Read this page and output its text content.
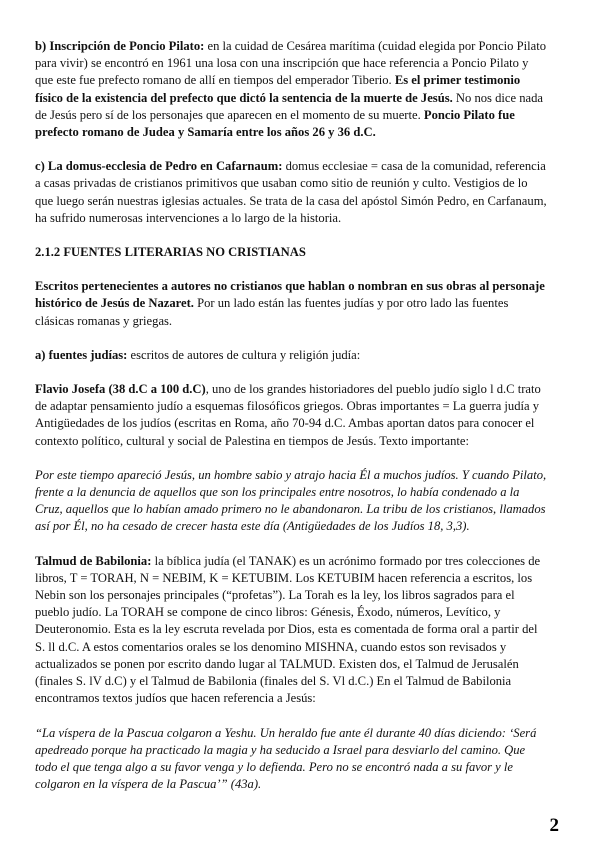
b) Inscripción de Poncio Pilato: en la cuidad de Cesárea marítima (cuidad elegida por Poncio Pilato para vivir) se encontró en 1961 una losa con una inscripción que hace referencia a Poncio Pilato y que este fue prefecto romano de allí en tiempos del emperador Tiberio. Es el primer testimonio físico de la existencia del prefecto que dictó la sentencia de la muerte de Jesús. No nos dice nada de Jesús pero sí de los personajes que aparecen en el momento de su muerte. Poncio Pilato fue prefecto romano de Judea y Samaría entre los años 26 y 36 d.C.

c) La domus-ecclesia de Pedro en Cafarnaum: domus ecclesiae = casa de la comunidad, referencia a casas privadas de cristianos primitivos que usaban como sitio de reunión y culto. Vestigios de lo que luego serán nuestras iglesias actuales. Se trata de la casa del apóstol Simón Pedro, en Carfanaum, ha sufrido numerosas intervenciones a lo largo de la historia.

2.1.2 FUENTES LITERARIAS NO CRISTIANAS

Escritos pertenecientes a autores no cristianos que hablan o nombran en sus obras al personaje histórico de Jesús de Nazaret. Por un lado están las fuentes judías y por otro lado las fuentes clásicas romanas y griegas.

a) fuentes judías: escritos de autores de cultura y religión judía:

Flavio Josefa (38 d.C a 100 d.C), uno de los grandes historiadores del pueblo judío siglo l d.C trato de adaptar pensamiento judío a esquemas filosóficos griegos. Obras importantes = La guerra judía y Antigüedades de los judíos (escritas en Roma, año 70-94 d.C. Ambas aportan datos para conocer el contexto político, cultural y social de Palestina en tiempos de Jesús. Texto importante:

Por este tiempo apareció Jesús, un hombre sabio y atrajo hacia Él a muchos judíos. Y cuando Pilato, frente a la denuncia de aquellos que son los principales entre nosotros, lo había condenado a la Cruz, aquellos que lo habían amado primero no le abandonaron. La tribu de los cristianos, llamados así por Él, no ha cesado de crecer hasta este día (Antigüedades de los Judíos 18, 3,3).

Talmud de Babilonia: la bíblica judía (el TANAK) es un acrónimo formado por tres colecciones de libros, T = TORAH, N = NEBIM, K = KETUBIM. Los KETUBIM hacen referencia a escritos, los Nebin son los personajes principales (“profetas”). La Torah es la ley, los libros sagrados para el pueblo judío. La TORAH se compone de cinco libros: Génesis, Éxodo, números, Levítico, y Deuteronomio. Esta es la ley escruta revelada por Dios, esta es comentada de forma oral a partir del S. ll d.C. A estos comentarios orales se los denomino MISHNA, cuando estos son revisados y actualizados se ponen por escrito dando lugar al TALMUD. Existen dos, el Talmud de Jerusalén (finales S. lV d.C) y el Talmud de Babilonia (finales del S. Vl d.C.) En el Talmud de Babilonia encontramos textos judíos que hacen referencia a Jesús:

“La víspera de la Pascua colgaron a Yeshu. Un heraldo fue ante él durante 40 días diciendo: ‘Será apedreado porque ha practicado la magia y ha seducido a Israel para desviarlo del camino. Que todo el que tenga algo a su favor venga y lo defienda. Pero no se encontró nada a su favor y le colgaron en la víspera de la Pascua’” (43a).

2
